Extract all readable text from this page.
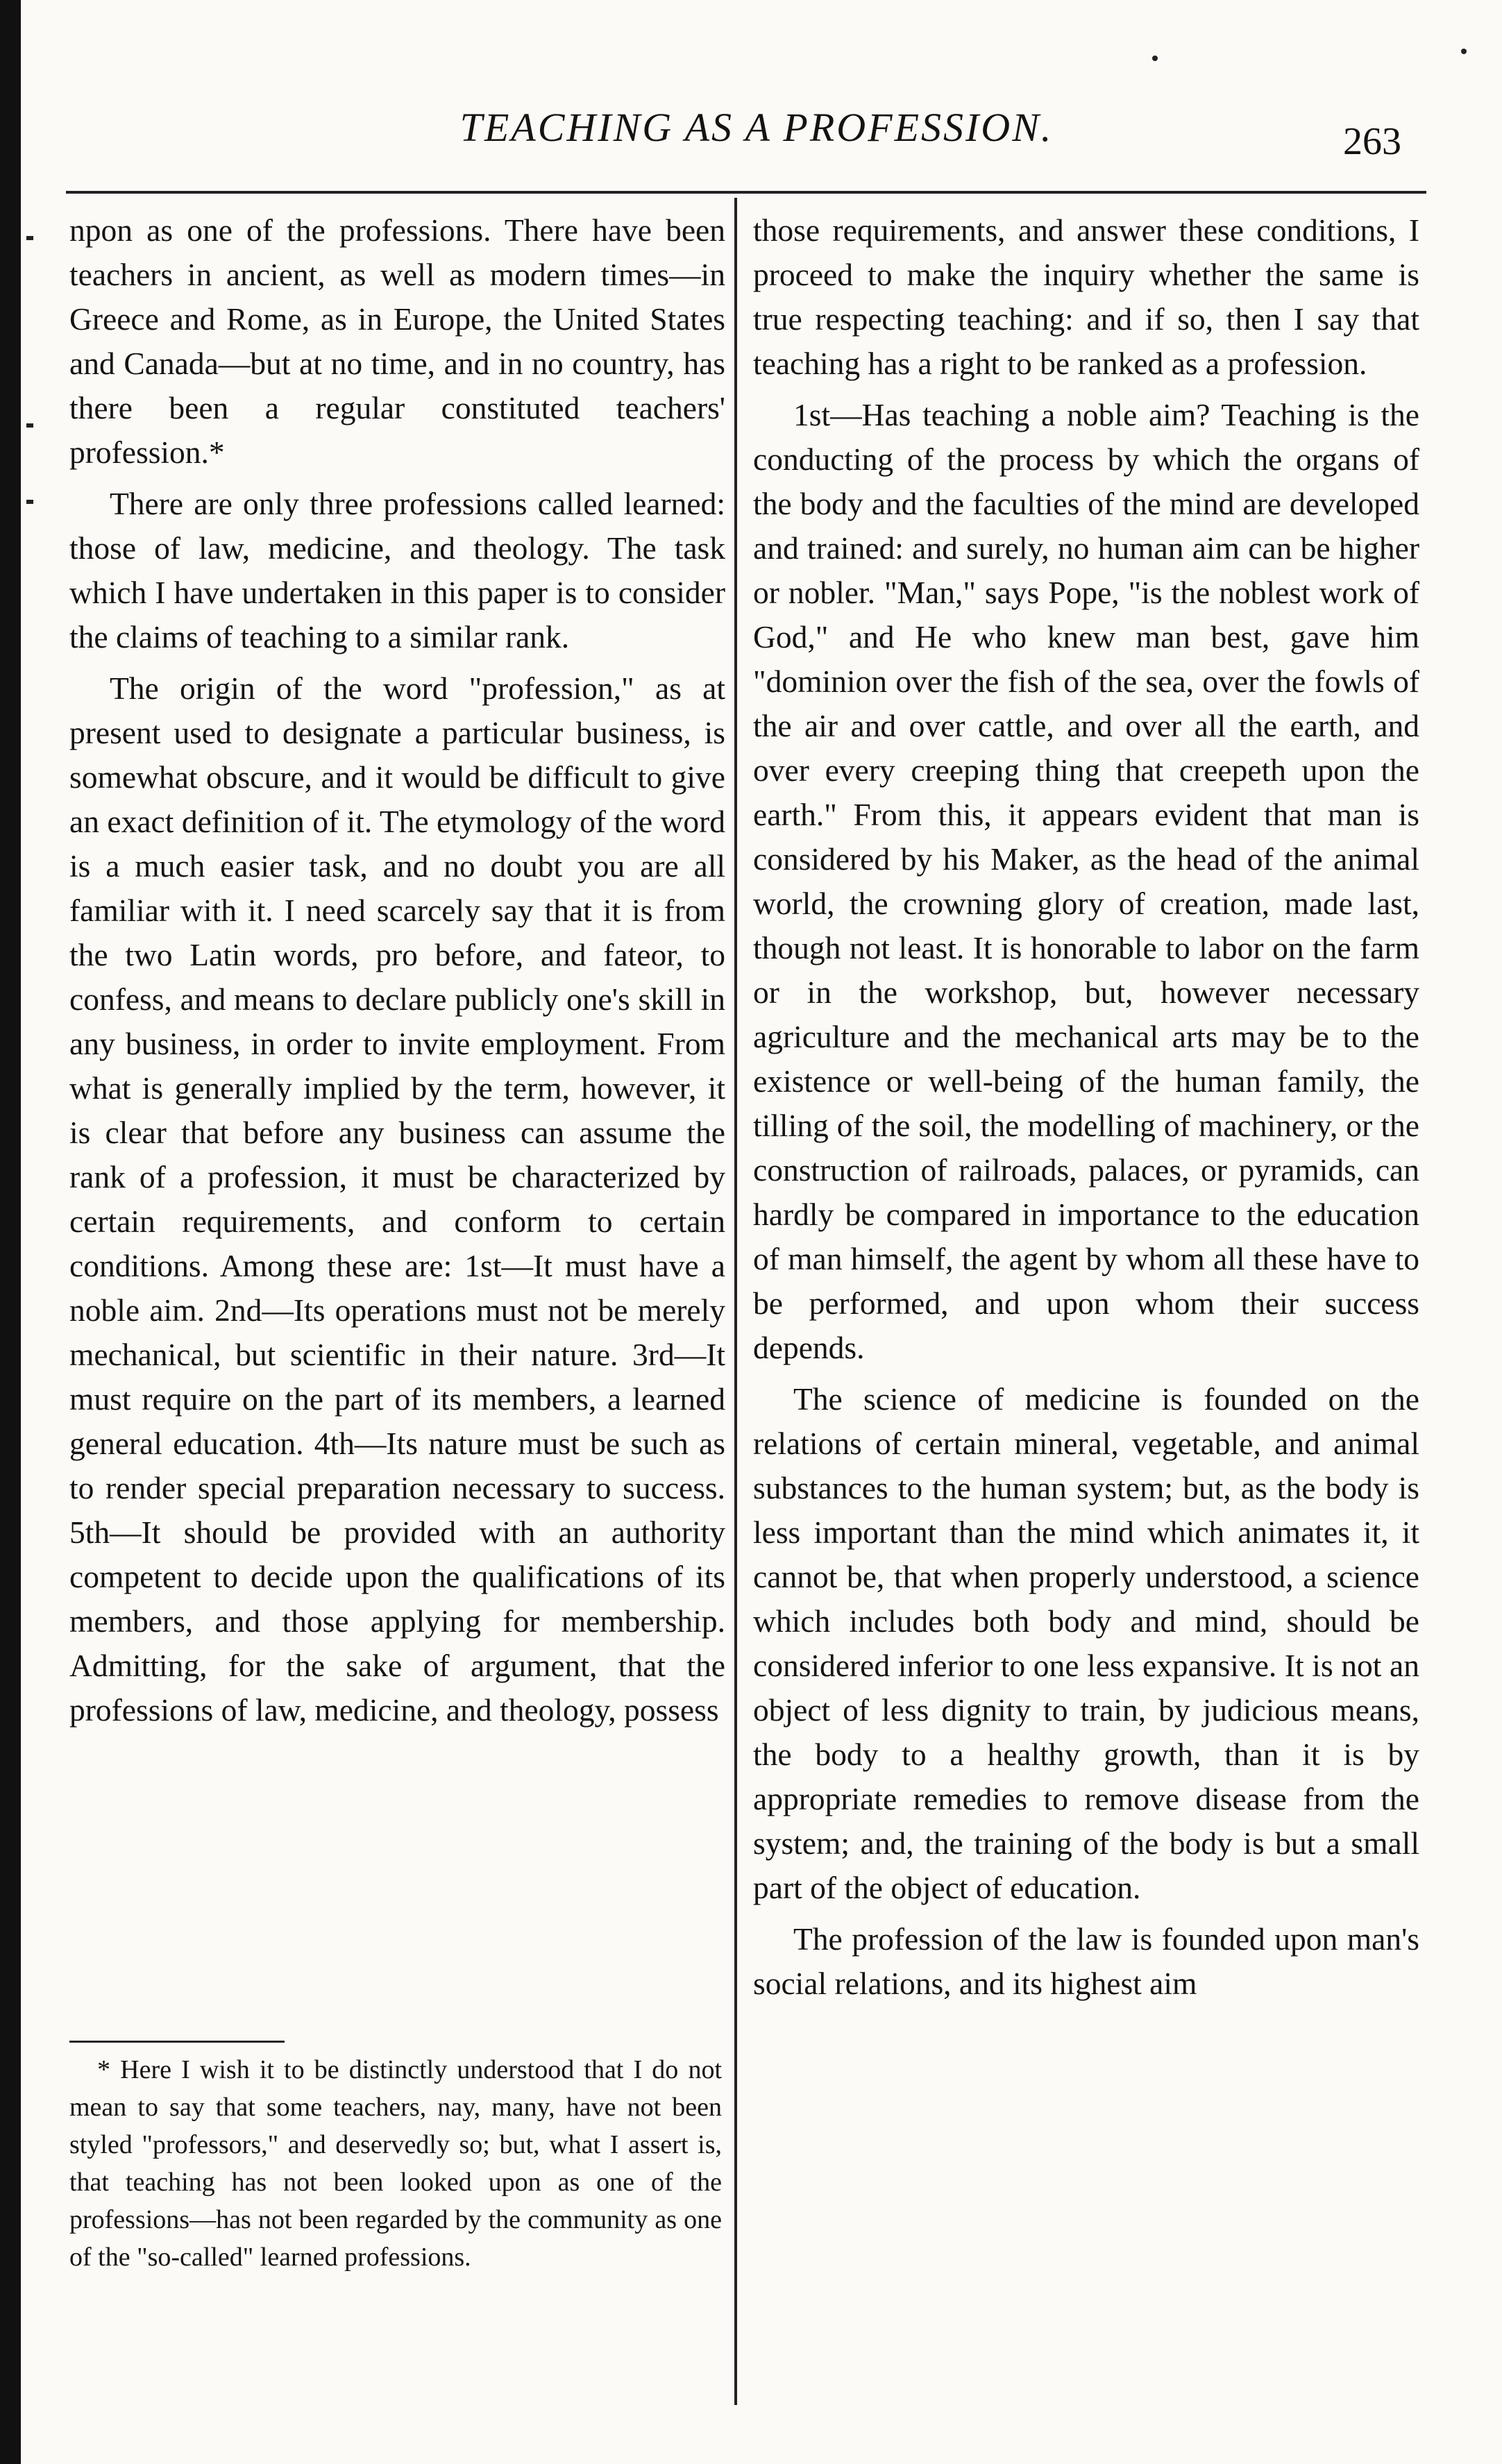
TEACHING AS A PROFESSION.	263

npon as one of the professions. There have been teachers in ancient, as well as modern times—in Greece and Rome, as in Europe, the United States and Canada—but at no time, and in no country, has there been a regular constituted teachers' profession.*

There are only three professions called learned: those of law, medicine, and theology. The task which I have undertaken in this paper is to consider the claims of teaching to a similar rank.

The origin of the word "profession," as at present used to designate a particular business, is somewhat obscure, and it would be difficult to give an exact definition of it. The etymology of the word is a much easier task, and no doubt you are all familiar with it. I need scarcely say that it is from the two Latin words, pro before, and fateor, to confess, and means to declare publicly one's skill in any business, in order to invite employment. From what is generally implied by the term, however, it is clear that before any business can assume the rank of a profession, it must be characterized by certain requirements, and conform to certain conditions. Among these are: 1st—It must have a noble aim. 2nd—Its operations must not be merely mechanical, but scientific in their nature. 3rd—It must require on the part of its members, a learned general education. 4th—Its nature must be such as to render special preparation necessary to success. 5th—It should be provided with an authority competent to decide upon the qualifications of its members, and those applying for membership. Admitting, for the sake of argument, that the professions of law, medicine, and theology, possess

* Here I wish it to be distinctly understood that I do not mean to say that some teachers, nay, many, have not been styled "professors," and deservedly so; but, what I assert is, that teaching has not been looked upon as one of the professions—has not been regarded by the community as one of the "so-called" learned professions.

those requirements, and answer these conditions, I proceed to make the inquiry whether the same is true respecting teaching: and if so, then I say that teaching has a right to be ranked as a profession.

1st—Has teaching a noble aim? Teaching is the conducting of the process by which the organs of the body and the faculties of the mind are developed and trained: and surely, no human aim can be higher or nobler. "Man," says Pope, "is the noblest work of God," and He who knew man best, gave him "dominion over the fish of the sea, over the fowls of the air and over cattle, and over all the earth, and over every creeping thing that creepeth upon the earth." From this, it appears evident that man is considered by his Maker, as the head of the animal world, the crowning glory of creation, made last, though not least. It is honorable to labor on the farm or in the workshop, but, however necessary agriculture and the mechanical arts may be to the existence or well-being of the human family, the tilling of the soil, the modelling of machinery, or the construction of railroads, palaces, or pyramids, can hardly be compared in importance to the education of man himself, the agent by whom all these have to be performed, and upon whom their success depends.

The science of medicine is founded on the relations of certain mineral, vegetable, and animal substances to the human system; but, as the body is less important than the mind which animates it, it cannot be, that when properly understood, a science which includes both body and mind, should be considered inferior to one less expansive. It is not an object of less dignity to train, by judicious means, the body to a healthy growth, than it is by appropriate remedies to remove disease from the system; and, the training of the body is but a small part of the object of education.

The profession of the law is founded upon man's social relations, and its highest aim
